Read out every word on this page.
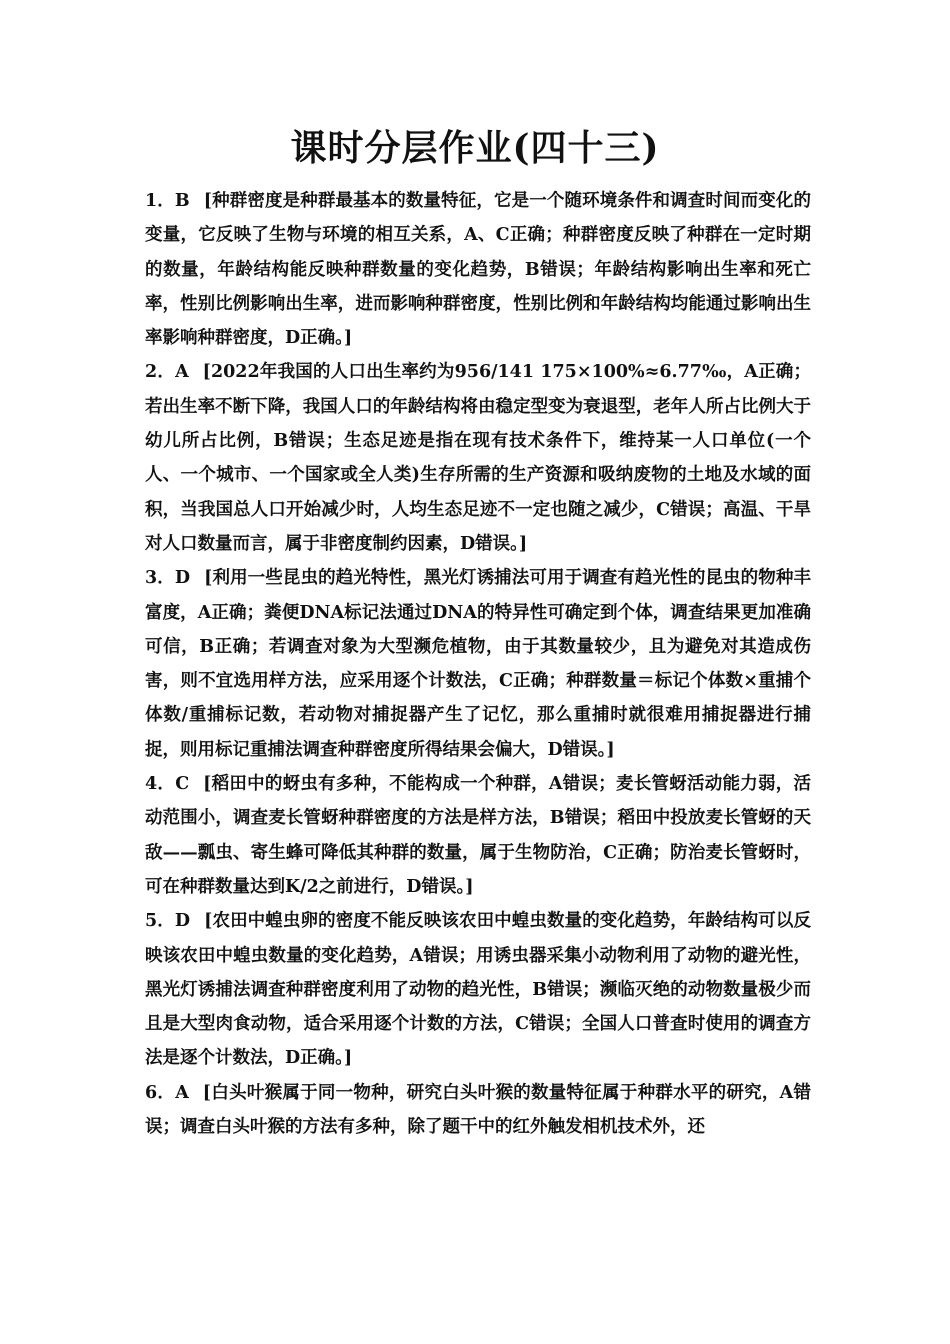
课时分层作业(四十三)

1．B [种群密度是种群最基本的数量特征，它是一个随环境条件和调查时间而变化的变量，它反映了生物与环境的相互关系，A、C正确；种群密度反映了种群在一定时期的数量，年龄结构能反映种群数量的变化趋势，B错误；年龄结构影响出生率和死亡率，性别比例影响出生率，进而影响种群密度，性别比例和年龄结构均能通过影响出生率影响种群密度，D正确。]

2．A [2022年我国的人口出生率约为956/141 175×100%≈6.77‰，A正确；若出生率不断下降，我国人口的年龄结构将由稳定型变为衰退型，老年人所占比例大于幼儿所占比例，B错误；生态足迹是指在现有技术条件下，维持某一人口单位(一个人、一个城市、一个国家或全人类)生存所需的生产资源和吸纳废物的土地及水域的面积，当我国总人口开始减少时，人均生态足迹不一定也随之减少，C错误；高温、干旱对人口数量而言，属于非密度制约因素，D错误。]

3．D [利用一些昆虫的趋光特性，黑光灯诱捕法可用于调查有趋光性的昆虫的物种丰富度，A正确；粪便DNA标记法通过DNA的特异性可确定到个体，调查结果更加准确可信，B正确；若调查对象为大型濒危植物，由于其数量较少，且为避免对其造成伤害，则不宜选用样方法，应采用逐个计数法，C正确；种群数量＝标记个体数×重捕个体数/重捕标记数，若动物对捕捉器产生了记忆，那么重捕时就很难用捕捉器进行捕捉，则用标记重捕法调查种群密度所得结果会偏大，D错误。]

4．C [稻田中的蚜虫有多种，不能构成一个种群，A错误；麦长管蚜活动能力弱，活动范围小，调查麦长管蚜种群密度的方法是样方法，B错误；稻田中投放麦长管蚜的天敌——瓢虫、寄生蜂可降低其种群的数量，属于生物防治，C正确；防治麦长管蚜时，可在种群数量达到K/2之前进行，D错误。]

5．D [农田中蝗虫卵的密度不能反映该农田中蝗虫数量的变化趋势，年龄结构可以反映该农田中蝗虫数量的变化趋势，A错误；用诱虫器采集小动物利用了动物的避光性，黑光灯诱捕法调查种群密度利用了动物的趋光性，B错误；濒临灭绝的动物数量极少而且是大型肉食动物，适合采用逐个计数的方法，C错误；全国人口普查时使用的调查方法是逐个计数法，D正确。]

6．A [白头叶猴属于同一物种，研究白头叶猴的数量特征属于种群水平的研究，A错误；调查白头叶猴的方法有多种，除了题干中的红外触发相机技术外，还
